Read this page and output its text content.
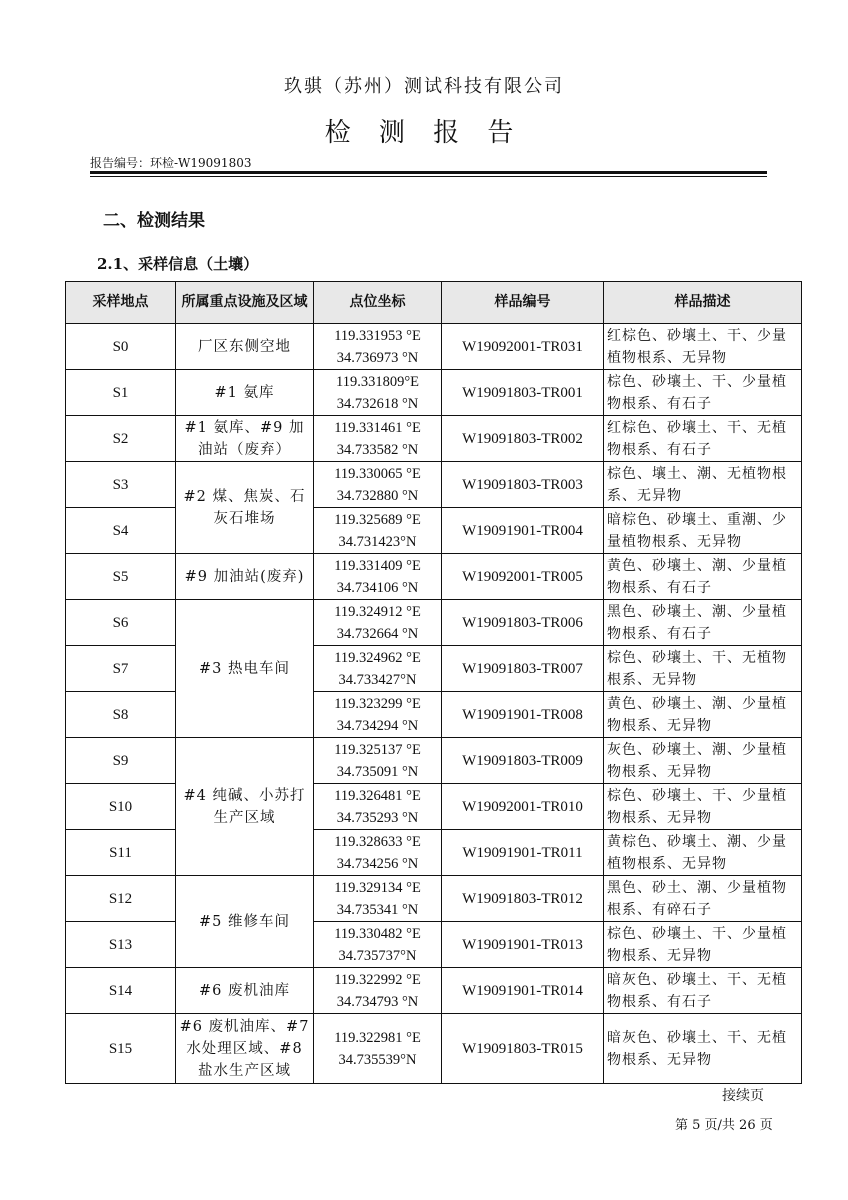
玖骐（苏州）测试科技有限公司
检 测 报 告
报告编号：环检-W19091803
二、检测结果
2.1、采样信息（土壤）
采样地点	所属重点设施及区域	点位坐标	样品编号	样品描述
S0	厂区东侧空地	119.331953 °E
34.736973 °N	W19092001-TR031	红棕色、砂壤土、干、少量植物根系、无异物
S1	#1 氨库	119.331809°E
34.732618 °N	W19091803-TR001	棕色、砂壤土、干、少量植物根系、有石子
S2	#1 氨库、#9 加油站（废弃）	119.331461 °E
34.733582 °N	W19091803-TR002	红棕色、砂壤土、干、无植物根系、有石子
S3	#2 煤、焦炭、石灰石堆场	119.330065 °E
34.732880 °N	W19091803-TR003	棕色、壤土、潮、无植物根系、无异物
S4		119.325689 °E
34.731423°N	W19091901-TR004	暗棕色、砂壤土、重潮、少量植物根系、无异物
S5	#9 加油站(废弃)	119.331409 °E
34.734106 °N	W19092001-TR005	黄色、砂壤土、潮、少量植物根系、有石子
S6	#3 热电车间	119.324912 °E
34.732664 °N	W19091803-TR006	黑色、砂壤土、潮、少量植物根系、有石子
S7		119.324962 °E
34.733427°N	W19091803-TR007	棕色、砂壤土、干、无植物根系、无异物
S8		119.323299 °E
34.734294 °N	W19091901-TR008	黄色、砂壤土、潮、少量植物根系、无异物
S9	#4 纯碱、小苏打生产区域	119.325137 °E
34.735091 °N	W19091803-TR009	灰色、砂壤土、潮、少量植物根系、无异物
S10		119.326481 °E
34.735293 °N	W19092001-TR010	棕色、砂壤土、干、少量植物根系、无异物
S11		119.328633 °E
34.734256 °N	W19091901-TR011	黄棕色、砂壤土、潮、少量植物根系、无异物
S12	#5 维修车间	119.329134 °E
34.735341 °N	W19091803-TR012	黑色、砂土、潮、少量植物根系、有碎石子
S13		119.330482 °E
34.735737°N	W19091901-TR013	棕色、砂壤土、干、少量植物根系、无异物
S14	#6 废机油库	119.322992 °E
34.734793 °N	W19091901-TR014	暗灰色、砂壤土、干、无植物根系、有石子
S15	#6 废机油库、#7 水处理区域、#8 盐水生产区域	119.322981 °E
34.735539°N	W19091803-TR015	暗灰色、砂壤土、干、无植物根系、无异物
接续页
第 5 页/共 26 页
